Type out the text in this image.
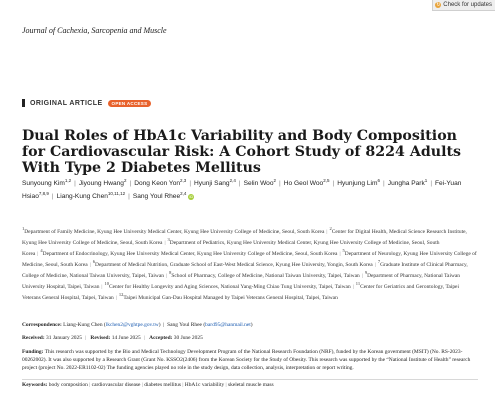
↻ Check for updates
Journal of Cachexia, Sarcopenia and Muscle
ORIGINAL ARTICLE	OPEN ACCESS
Dual Roles of HbA1c Variability and Body Composition for Cardiovascular Risk: A Cohort Study of 8224 Adults With Type 2 Diabetes Mellitus

Sunyoung Kim$^{1,2}$ | Jiyoung Hwang$^2$ | Dong Keon Yon$^{2,3}$ | Hyunji Sang$^{2,4}$ | Selin Woo$^2$ | Ho Geol Woo$^{2,5}$ | Hyunjung Lim$^6$ | Jungha Park$^1$ | Fei-Yuan Hsiao$^{7,8,9}$ | Liang-Kung Chen$^{10,11,12}$ | Sang Youl Rhee$^{2,4}$ iD

$^1$Department of Family Medicine, Kyung Hee University Medical Center, Kyung Hee University College of Medicine, Seoul, South Korea $|^2Center$ for Digital Health, Medical Science Research Institute, Kyung Hee University College of Medicine, Seoul, South Korea $|^3Department$ of Pediatrics, Kyung Hee University Medical Center, Kyung Hee University College of Medicine, Seoul, South Korea $|^4Department$ of Endocrinology, Kyung Hee University Medical Center, Kyung Hee University College of Medicine, Seoul, South Korea $|^5Department$ of Neurology, Kyung Hee University College of Medicine, Seoul, South Korea $|^6Department$ of Medical Nutrition, Graduate School of East-West Medical Science, Kyung Hee University, Yongin, South Korea $|^7Graduate$ Institute of Clinical Pharmacy, College of Medicine, National Taiwan University, Taipei, Taiwan $|^8School$ of Pharmacy, College of Medicine, National Taiwan University, Taipei, Taiwan $|^9Department$ of Pharmacy, National Taiwan University Hospital, Taipei, Taiwan $|^{10}Center$ for Healthy Longevity and Aging Sciences, National Yang-Ming Chiao Tung University, Taipei, Taiwan $|^{11}Center$ for Geriatrics and Gerontology, Taipei Veterans General Hospital, Taipei, Taiwan $|^{12}Taipei$ Municipal Gan-Dau Hospital Managed by Taipei Veterans General Hospital, Taipei, Taiwan

Correspondence: Liang-Kung Chen (lkchen2@vghtpe.gov.tw)  |  Sang Youl Rhee (bard95@hanmail.net)

Received: 31 January 2025 | Revised: 14 June 2025 | Accepted: 30 June 2025

Funding: This research was supported by the Bio and Medical Technology Development Program of the National Research Foundation (NRF), funded by the Korean government (MSIT) (No. RS-2023-00262002). It was also supported by a Research Grant (Grant No. KSSO2(2406) from the Korean Society for the Study of Obesity. This research was supported by the “National Institute of Health” research project (project No. 2022-ER1102-02) The funding agencies played no role in the study design, data collection, analysis, interpretation or report writing.

Keywords: body composition | cardiovascular disease | diabetes mellitus | HbA1c variability | skeletal muscle mass
